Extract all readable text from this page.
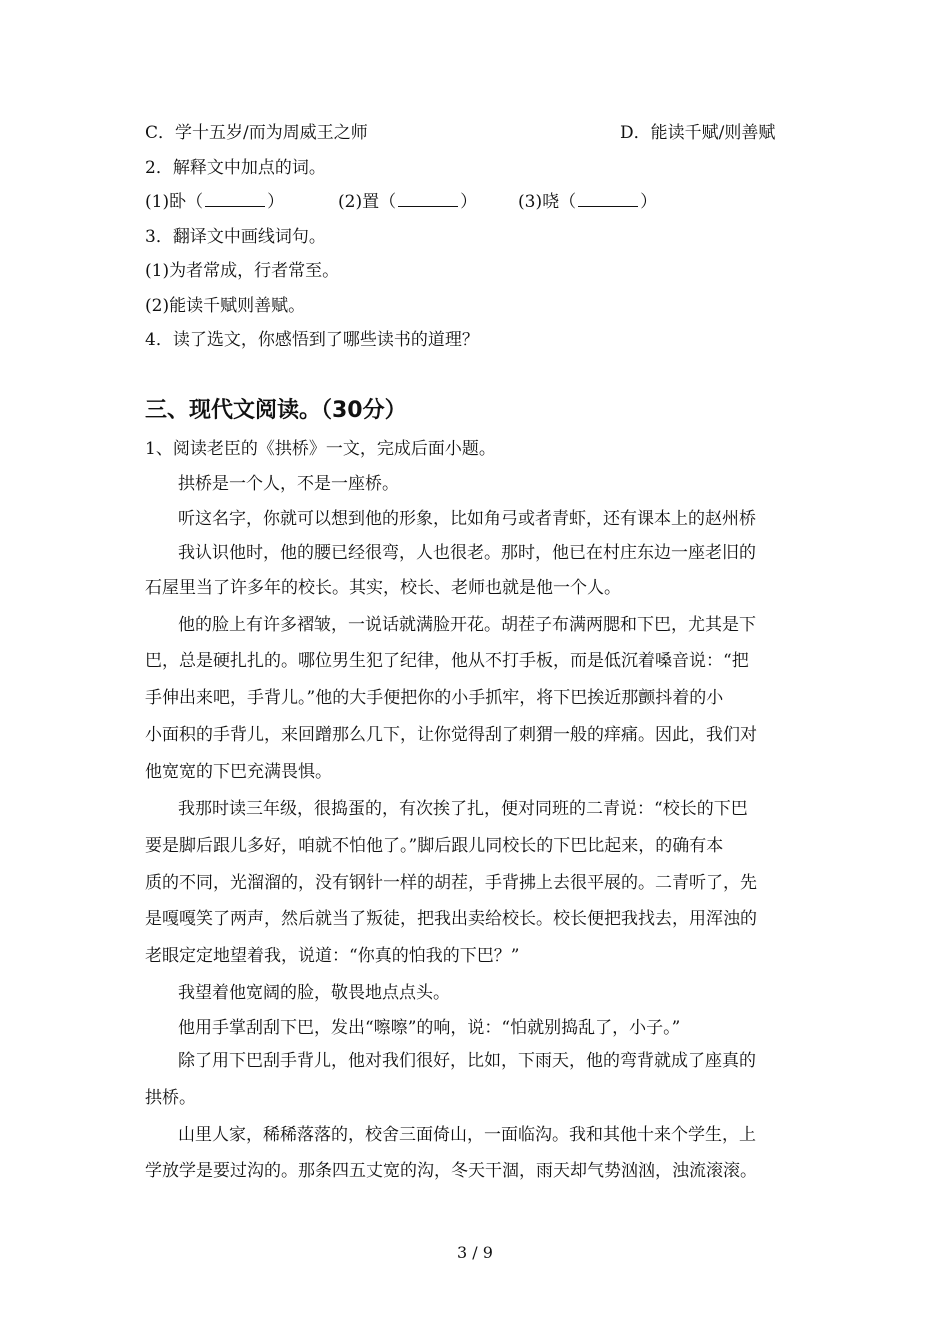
C．学十五岁/而为周威王之师	D．能读千赋/则善赋
2．解释文中加点的词。
(1)卧（	）	(2)置（	） (3)哓（	）
3．翻译文中画线词句。
(1)为者常成，行者常至。
(2)能读千赋则善赋。
4．读了选文，你感悟到了哪些读书的道理？
三、现代文阅读。（30分）
1、阅读老臣的《拱桥》一文，完成后面小题。
拱桥是一个人，不是一座桥。
听这名字，你就可以想到他的形象，比如角弓或者青虾，还有课本上的赵州桥
我认识他时，他的腰已经很弯，人也很老。那时，他已在村庄东边一座老旧的
石屋里当了许多年的校长。其实，校长、老师也就是他一个人。
他的脸上有许多褶皱，一说话就满脸开花。胡茬子布满两腮和下巴，尤其是下
巴，总是硬扎扎的。哪位男生犯了纪律，他从不打手板，而是低沉着嗓音说：“把
手伸出来吧，手背儿。”他的大手便把你的小手抓牢，将下巴挨近那颤抖着的小
小面积的手背儿，来回蹭那么几下，让你觉得刮了刺猬一般的痒痛。因此，我们对
他宽宽的下巴充满畏惧。
我那时读三年级，很捣蛋的，有次挨了扎，便对同班的二青说：“校长的下巴
要是脚后跟儿多好，咱就不怕他了。”脚后跟儿同校长的下巴比起来，的确有本
质的不同，光溜溜的，没有钢针一样的胡茬，手背拂上去很平展的。二青听了，先
是嘎嘎笑了两声，然后就当了叛徒，把我出卖给校长。校长便把我找去，用浑浊的
老眼定定地望着我，说道：“你真的怕我的下巴？”
我望着他宽阔的脸，敬畏地点点头。
他用手掌刮刮下巴，发出“嚓嚓”的响，说：“怕就别捣乱了，小子。”
除了用下巴刮手背儿，他对我们很好，比如，下雨天，他的弯背就成了座真的
拱桥。
山里人家，稀稀落落的，校舍三面倚山，一面临沟。我和其他十来个学生，上
学放学是要过沟的。那条四五丈宽的沟，冬天干涸，雨天却气势汹汹，浊流滚滚。
3 / 9
